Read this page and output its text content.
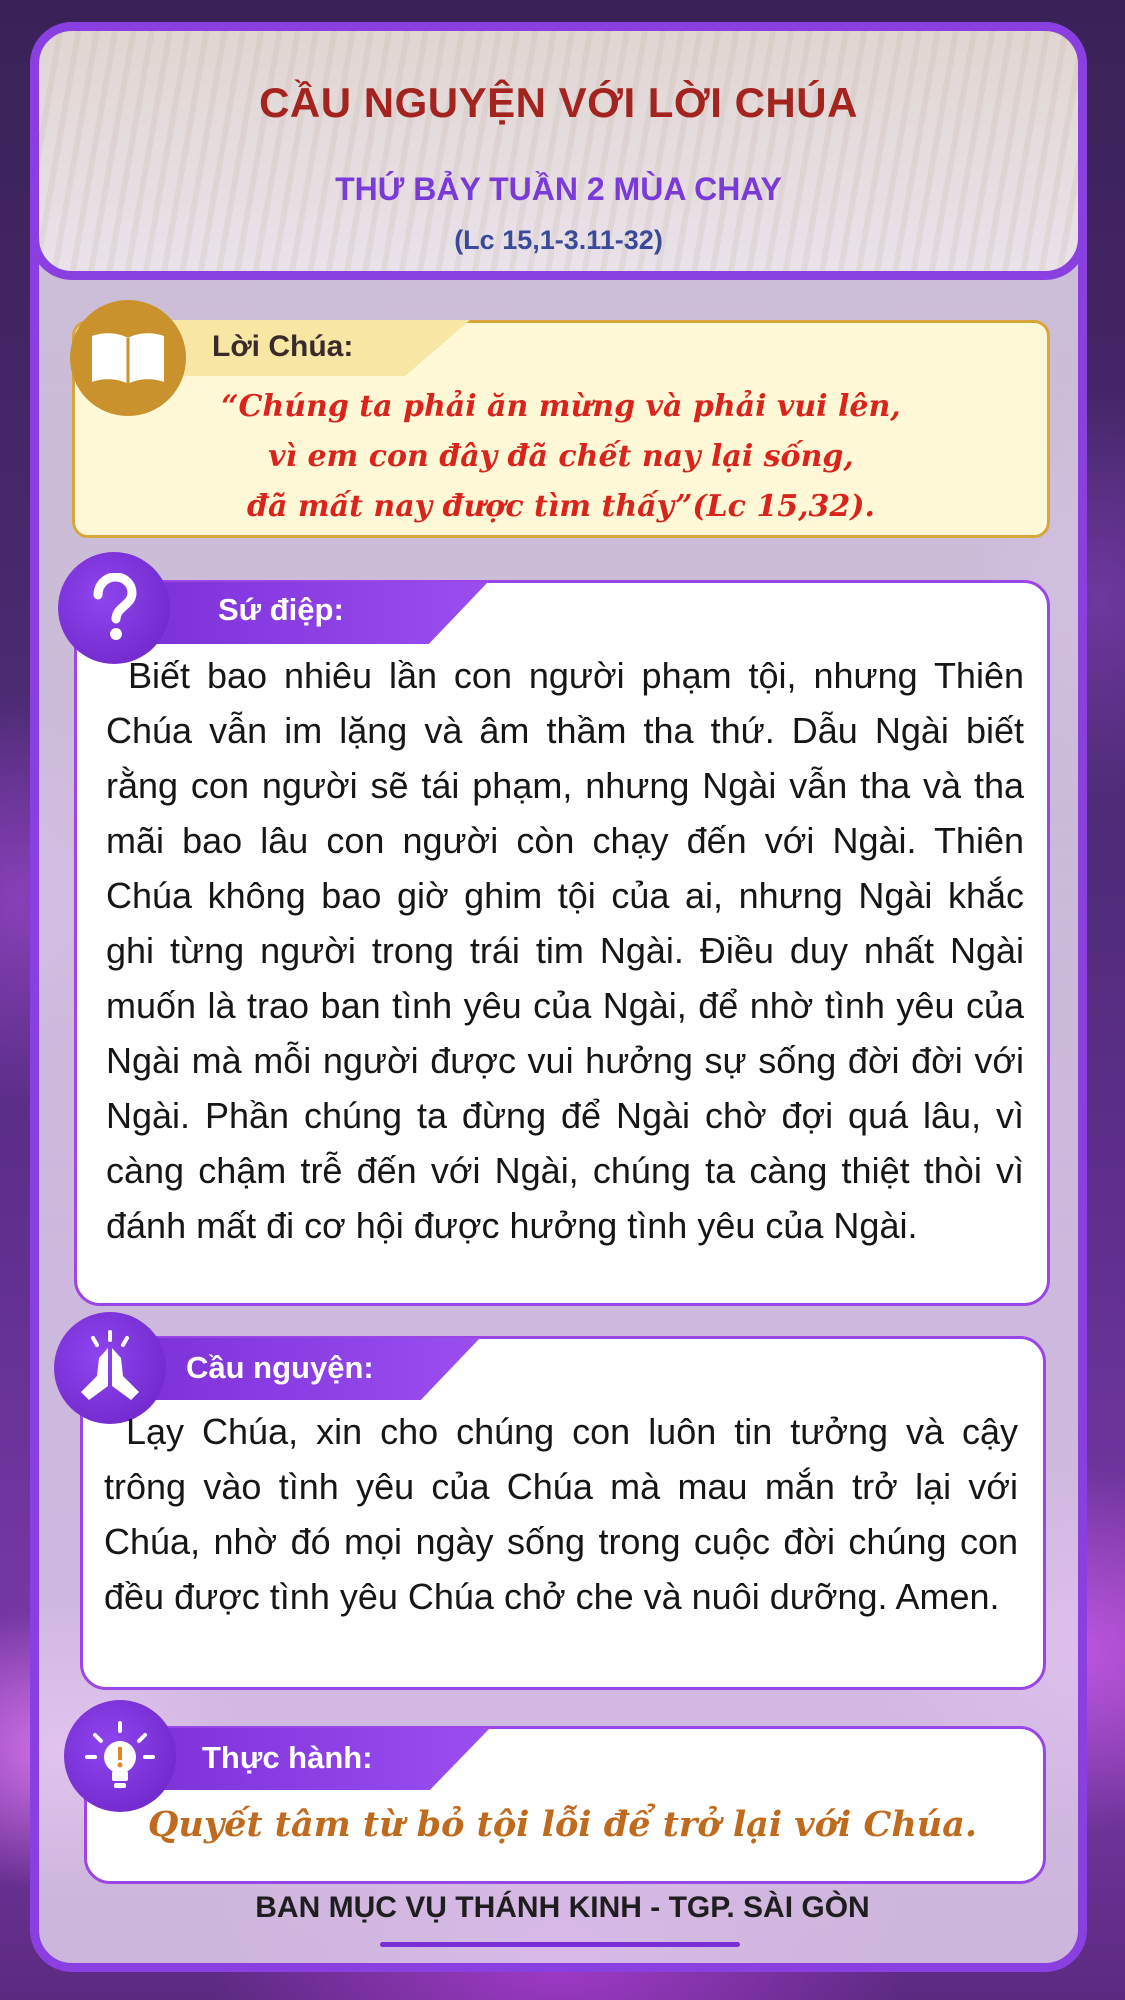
CẦU NGUYỆN VỚI LỜI CHÚA
THỨ BẢY TUẦN 2 MÙA CHAY
(Lc 15,1-3.11-32)
Lời Chúa:
“Chúng ta phải ăn mừng và phải vui lên,
vì em con đây đã chết nay lại sống,
đã mất nay được tìm thấy”(Lc 15,32).
Sứ điệp:
Biết bao nhiêu lần con người phạm tội, nhưng Thiên Chúa vẫn im lặng và âm thầm tha thứ. Dẫu Ngài biết rằng con người sẽ tái phạm, nhưng Ngài vẫn tha và tha mãi bao lâu con người còn chạy đến với Ngài. Thiên Chúa không bao giờ ghim tội của ai, nhưng Ngài khắc ghi từng người trong trái tim Ngài. Điều duy nhất Ngài muốn là trao ban tình yêu của Ngài, để nhờ tình yêu của Ngài mà mỗi người được vui hưởng sự sống đời đời với Ngài. Phần chúng ta đừng để Ngài chờ đợi quá lâu, vì càng chậm trễ đến với Ngài, chúng ta càng thiệt thòi vì đánh mất đi cơ hội được hưởng tình yêu của Ngài.
Cầu nguyện:
Lạy Chúa, xin cho chúng con luôn tin tưởng và cậy trông vào tình yêu của Chúa mà mau mắn trở lại với Chúa, nhờ đó mọi ngày sống trong cuộc đời chúng con đều được tình yêu Chúa chở che và nuôi dưỡng. Amen.
Thực hành:
Quyết tâm từ bỏ tội lỗi để trở lại với Chúa.
BAN MỤC VỤ THÁNH KINH - TGP. SÀI GÒN
